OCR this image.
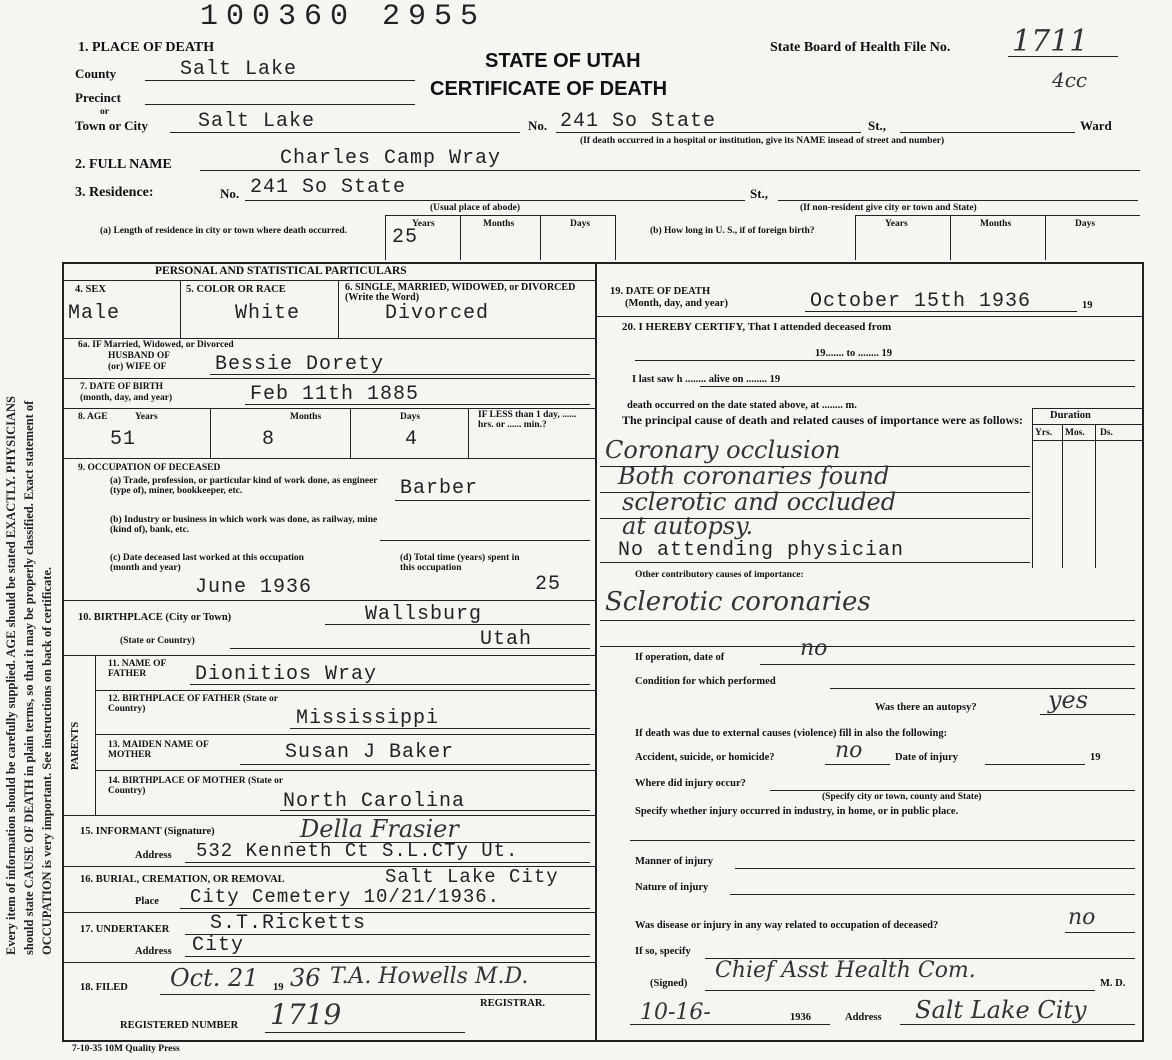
Every item of information should be carefully supplied. AGE should be stated EXACTLY. PHYSICIANS should state CAUSE OF DEATH in plain terms, so that it may be properly classified. Exact statement of OCCUPATION is very important. See instructions on back of certificate.
100360 2955
STATE OF UTAH
CERTIFICATE OF DEATH
State Board of Health File No. 1711
4cc
1. PLACE OF DEATH
County	Salt Lake
Precinct
or
Town or City	Salt Lake	No. 241 So State	St.,	Ward
(If death occurred in a hospital or institution, give its NAME insead of street and number)
2. FULL NAME	Charles Camp Wray
3. Residence:	No. 241 So State	St.,
(Usual place of abode)	(If non-resident give city or town and State)
(a) Length of residence in city or town where death occurred.
Years	Months	Days
25	(b) How long in U. S., if of foreign birth?
Years	Months	Days
PERSONAL AND STATISTICAL PARTICULARS
4. SEX
Male
5. COLOR OR RACE
White
6. SINGLE, MARRIED, WIDOWED, or DIVORCED (Write the Word)
Divorced
6a. IF Married, Widowed, or Divorced
HUSBAND OF
(or) WIFE OF Bessie Dorety
7. DATE OF BIRTH
(month, day, and year)	Feb 11th 1885
8. AGE	Years
51
Months
8
Days
4
IF LESS than 1 day, ...... hrs. or ...... min.?
9. OCCUPATION OF DECEASED
(a) Trade, profession, or particular kind of work done, as engineer (type of), miner, bookkeeper, etc.	Barber
(b) Industry or business in which work was done, as railway, mine (kind of), bank, etc.
(c) Date deceased last worked at this occupation (month and year)
June 1936
(d) Total time (years) spent in this occupation
25
10. BIRTHPLACE (City or Town)	Wallsburg
(State or Country)	Utah
PARENTS
11. NAME OF FATHER	Dionitios Wray
12. BIRTHPLACE OF FATHER (State or Country)	Mississippi
13. MAIDEN NAME OF MOTHER	Susan J Baker
14. BIRTHPLACE OF MOTHER (State or Country)	North Carolina
15. INFORMANT (Signature)	Della Frasier
Address 532 Kenneth Ct S.L.CTy Ut.
16. BURIAL, CREMATION, OR REMOVAL	Salt Lake City
Place City Cemetery 10/21/1936.
17. UNDERTAKER S.T.Ricketts
Address City
18. FILED Oct. 21 19 36 T.A. Howells M.D.
REGISTRAR.
REGISTERED NUMBER 1719
19. DATE OF DEATH
(Month, day, and year)	October 15th 1936	19
20. I HEREBY CERTIFY, That I attended deceased from
19....... to ........ 19
I last saw h ........ alive on ........ 19
death occurred on the date stated above, at ........ m.
The principal cause of death and related causes of importance were as follows:	Duration
Yrs. Mos. Ds.
Coronary occlusion
Both coronaries found
sclerotic and occluded
at autopsy.
No attending physician
Other contributory causes of importance:
Sclerotic coronaries
If operation, date of	no
Condition for which performed
Was there an autopsy?	yes
If death was due to external causes (violence) fill in also the following:
Accident, suicide, or homicide?	no	Date of injury	19
Where did injury occur?
(Specify city or town, county and State)
Specify whether injury occurred in industry, in home, or in public place.
Manner of injury
Nature of injury
Was disease or injury in any way related to occupation of deceased?	no
If so, specify
(Signed)
Chief Asst Health Com.
M. D.
10-16-	1936	Address Salt Lake City
7-10-35 10M Quality Press
